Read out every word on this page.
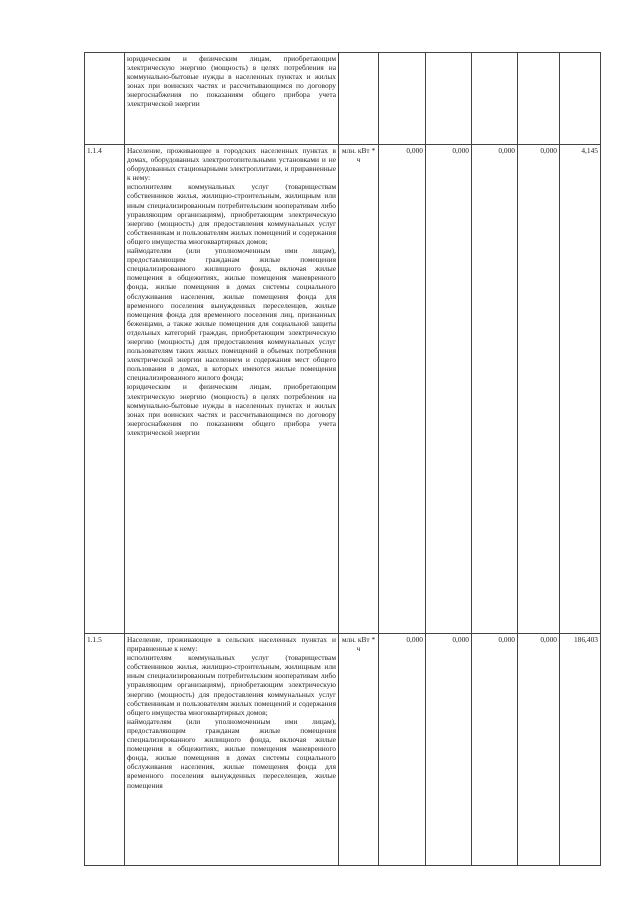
	юридическим и физическим лицам, приобретающим электрическую энергию (мощность) в целях потребления на коммунально-бытовые нужды в населенных пунктах и жилых зонах при воинских частях и рассчитывающимся по договору энергоснабжения по показаниям общего прибора учета электрической энергии						

1.1.4	Население, проживающее в городских населенных пунктах в домах, оборудованных электроотопительными установками и не оборудованных стационарными электроплитами, и приравненные к нему:

исполнителям коммунальных услуг (товариществам собственников жилья, жилищно-строительным, жилищным или иным специализированным потребительским кооперативам либо управляющим организациям), приобретающим электрическую энергию (мощность) для предоставления коммунальных услуг собственникам и пользователям жилых помещений и содержания общего имущества многоквартирных домов;

наймодателям (или уполномоченным ими лицам), предоставляющим гражданам жилые помещения специализированного жилищного фонда, включая жилые помещения в общежитиях, жилые помещения маневренного фонда, жилые помещения в домах системы социального обслуживания населения, жилые помещения фонда для временного поселения вынужденных переселенцев, жилые помещения фонда для временного поселения лиц, признанных беженцами, а также жилые помещения для социальной защиты отдельных категорий граждан, приобретающим электрическую энергию (мощность) для предоставления коммунальных услуг пользователям таких жилых помещений в объемах потребления электрической энергии населением и содержания мест общего пользования в домах, в которых имеются жилые помещения специализированного жилого фонда;

юридическим и физическим лицам, приобретающим электрическую энергию (мощность) в целях потребления на коммунально-бытовые нужды в населенных пунктах и жилых зонах при воинских частях и рассчитывающимся по договору энергоснабжения по показаниям общего прибора учета электрической энергии	млн. кВт * ч	0,000	0,000	0,000	0,000	4,145
1.1.5	Население, проживающее в сельских населенных пунктах и приравненные к нему:

исполнителям коммунальных услуг (товариществам собственников жилья, жилищно-строительным, жилищным или иным специализированным потребительским кооперативам либо управляющим организациям), приобретающим электрическую энергию (мощность) для предоставления коммунальных услуг собственникам и пользователям жилых помещений и содержания общего имущества многоквартирных домов;

наймодателям (или уполномоченным ими лицам), предоставляющим гражданам жилые помещения специализированного жилищного фонда, включая жилые помещения в общежитиях, жилые помещения маневренного фонда, жилые помещения в домах системы социального обслуживания населения, жилые помещения фонда для временного поселения вынужденных переселенцев, жилые помещения	млн. кВт * ч	0,000	0,000	0,000	0,000	186,403
